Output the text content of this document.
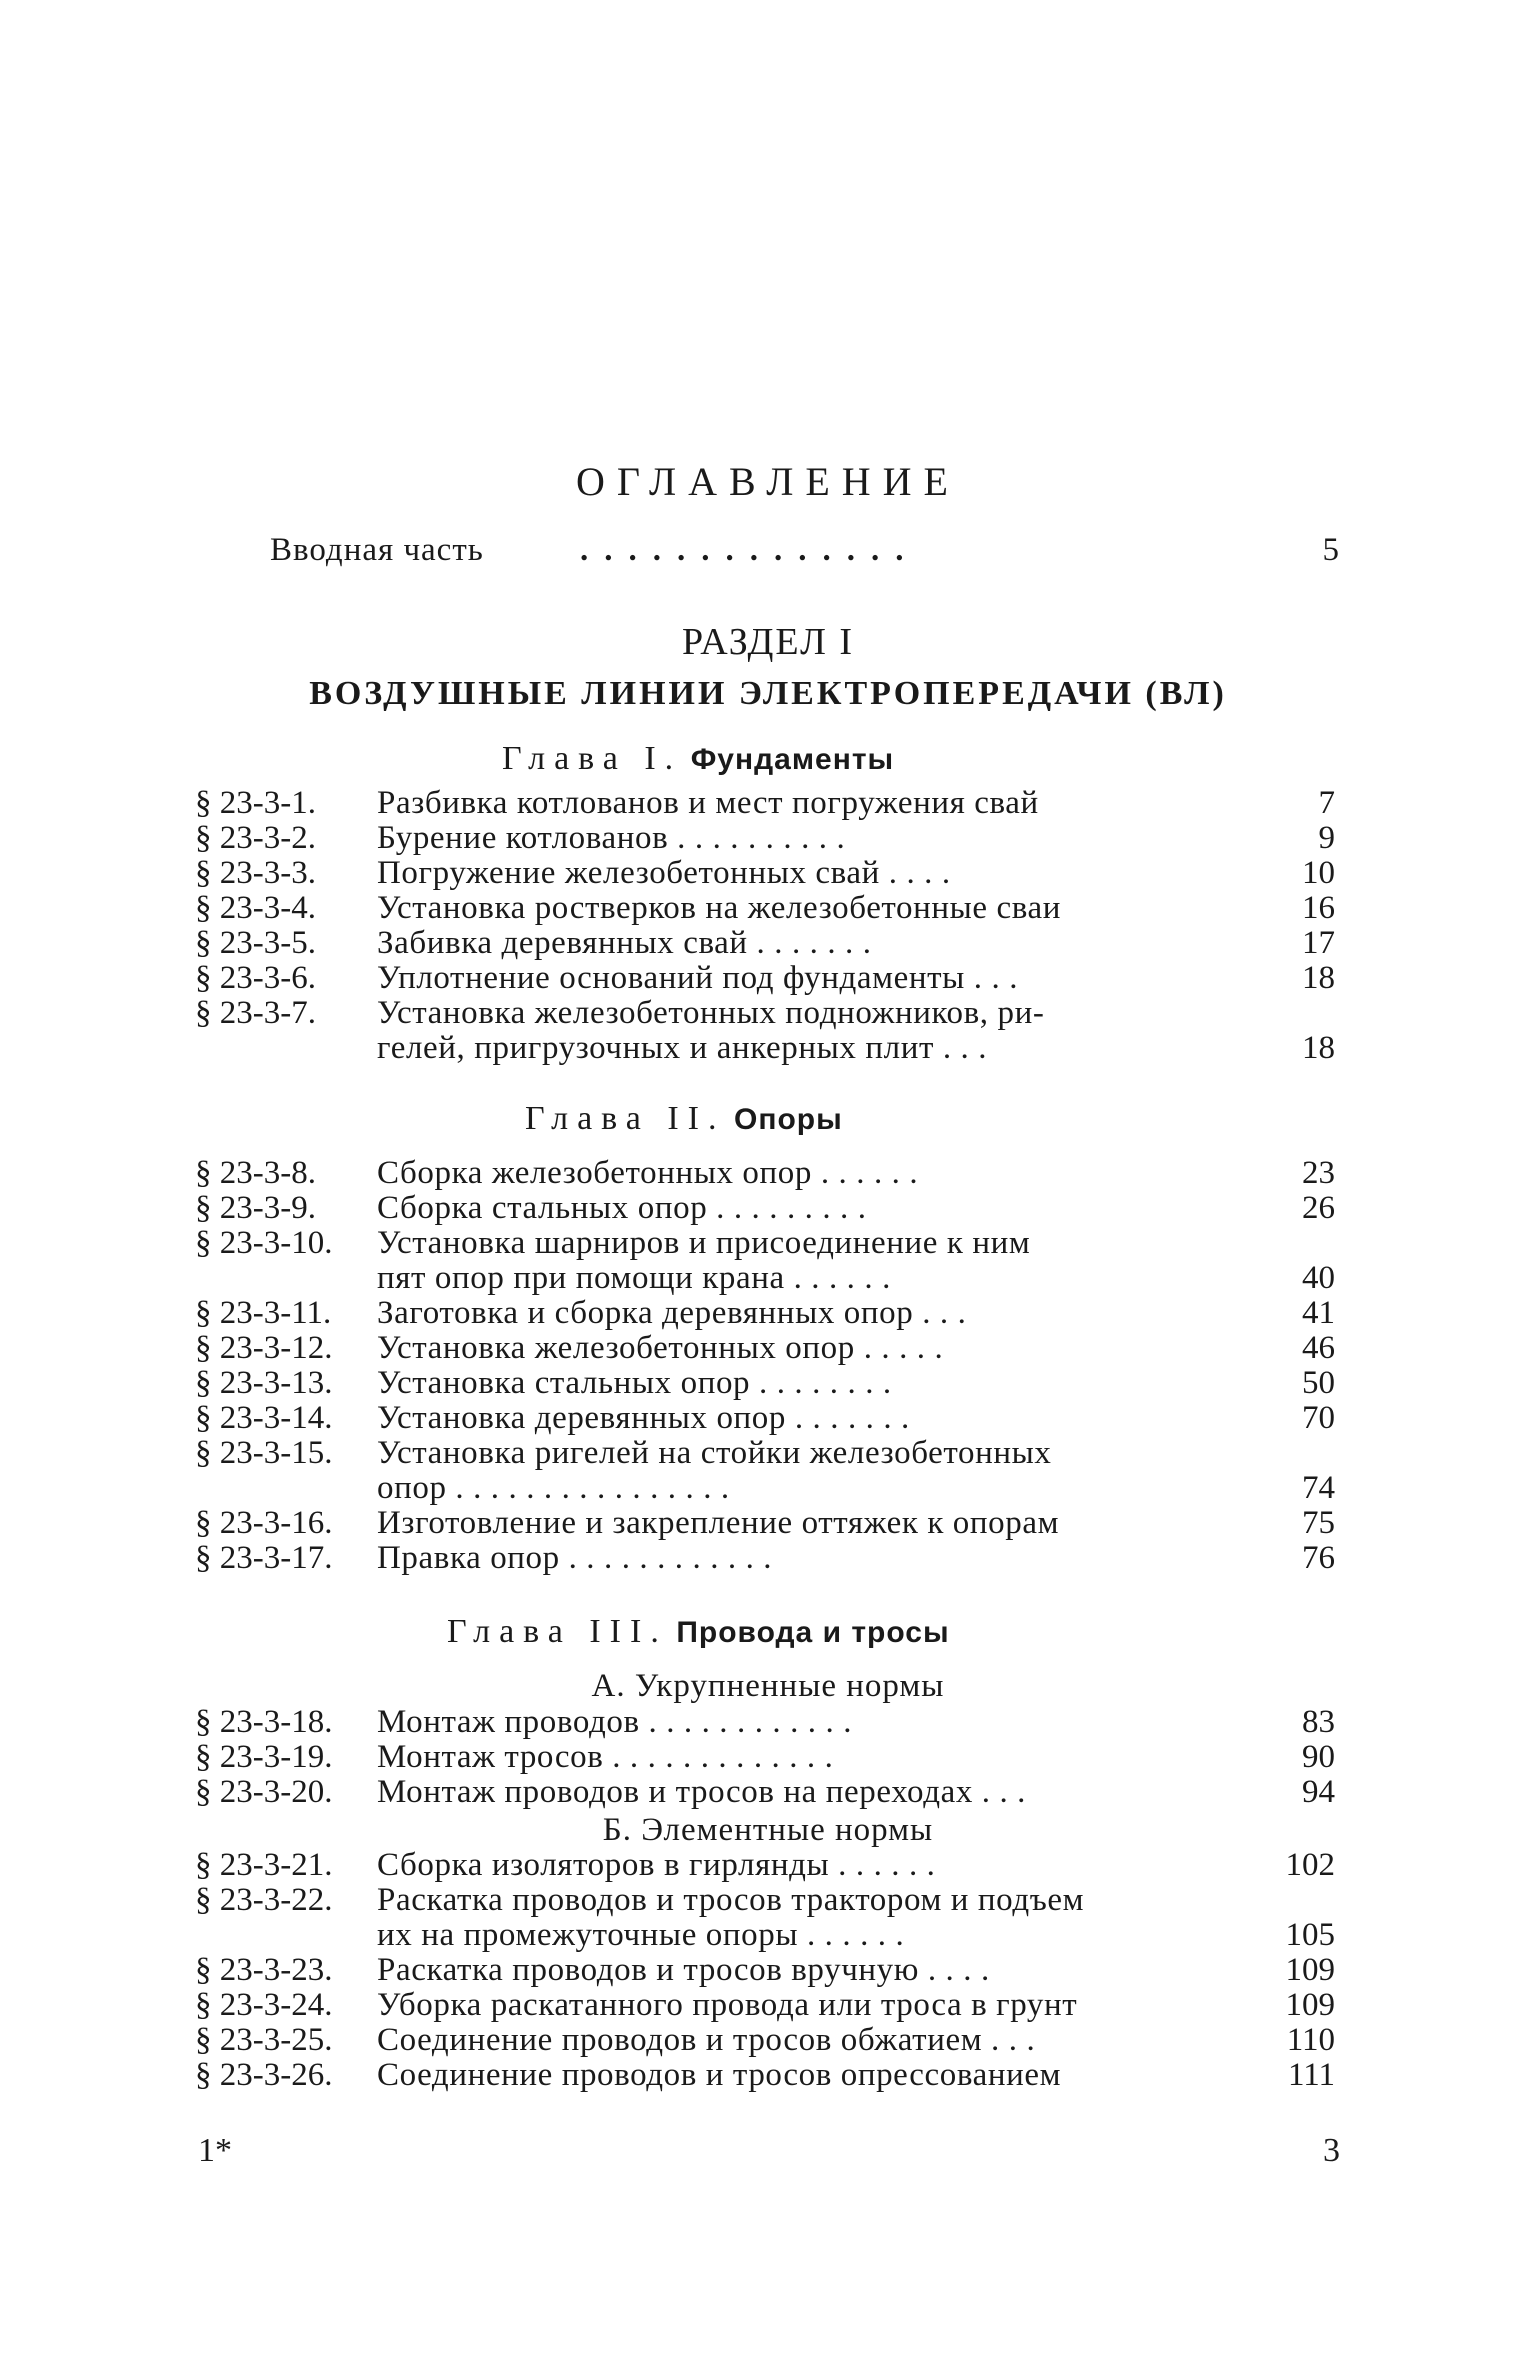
ОГЛАВЛЕНИЕ
Вводная часть	..............	5
РАЗДЕЛ I
ВОЗДУШНЫЕ ЛИНИИ ЭЛЕКТРОПЕРЕДАЧИ (ВЛ)
Глава I. Фундаменты
§ 23-3-1. Разбивка котлованов и мест погружения свай	7
§ 23-3-2. Бурение котлованов . . . . . . . . . .	9
§ 23-3-3. Погружение железобетонных свай . . . .	10
§ 23-3-4. Установка ростверков на железобетонные сваи	16
§ 23-3-5. Забивка деревянных свай . . . . . . .	17
§ 23-3-6. Уплотнение оснований под фундаменты . . .	18
§ 23-3-7. Установка железобетонных подножников, ри-
гелей, пригрузочных и анкерных плит . . .	18
Глава II. Опоры
§ 23-3-8. Сборка железобетонных опор . . . . . .	23
§ 23-3-9. Сборка стальных опор . . . . . . . . .	26
§ 23-3-10. Установка шарниров и присоединение к ним
пят опор при помощи крана . . . . . .	40
§ 23-3-11. Заготовка и сборка деревянных опор . . .	41
§ 23-3-12. Установка железобетонных опор . . . . .	46
§ 23-3-13. Установка стальных опор . . . . . . . .	50
§ 23-3-14. Установка деревянных опор . . . . . . .	70
§ 23-3-15. Установка ригелей на стойки железобетонных
опор . . . . . . . . . . . . . . . .	74
§ 23-3-16. Изготовление и закрепление оттяжек к опорам	75
§ 23-3-17. Правка опор . . . . . . . . . . . .	76
Глава III. Провода и тросы
А. Укрупненные нормы
§ 23-3-18. Монтаж проводов . . . . . . . . . . . .	83
§ 23-3-19. Монтаж тросов . . . . . . . . . . . . .	90
§ 23-3-20. Монтаж проводов и тросов на переходах . . .	94
Б. Элементные нормы
§ 23-3-21. Сборка изоляторов в гирлянды . . . . . .	102
§ 23-3-22. Раскатка проводов и тросов трактором и подъем
их на промежуточные опоры . . . . . .	105
§ 23-3-23. Раскатка проводов и тросов вручную . . . .	109
§ 23-3-24. Уборка раскатанного провода или троса в грунт	109
§ 23-3-25. Соединение проводов и тросов обжатием . . .	110
§ 23-3-26. Соединение проводов и тросов опрессованием	111
1*	3
